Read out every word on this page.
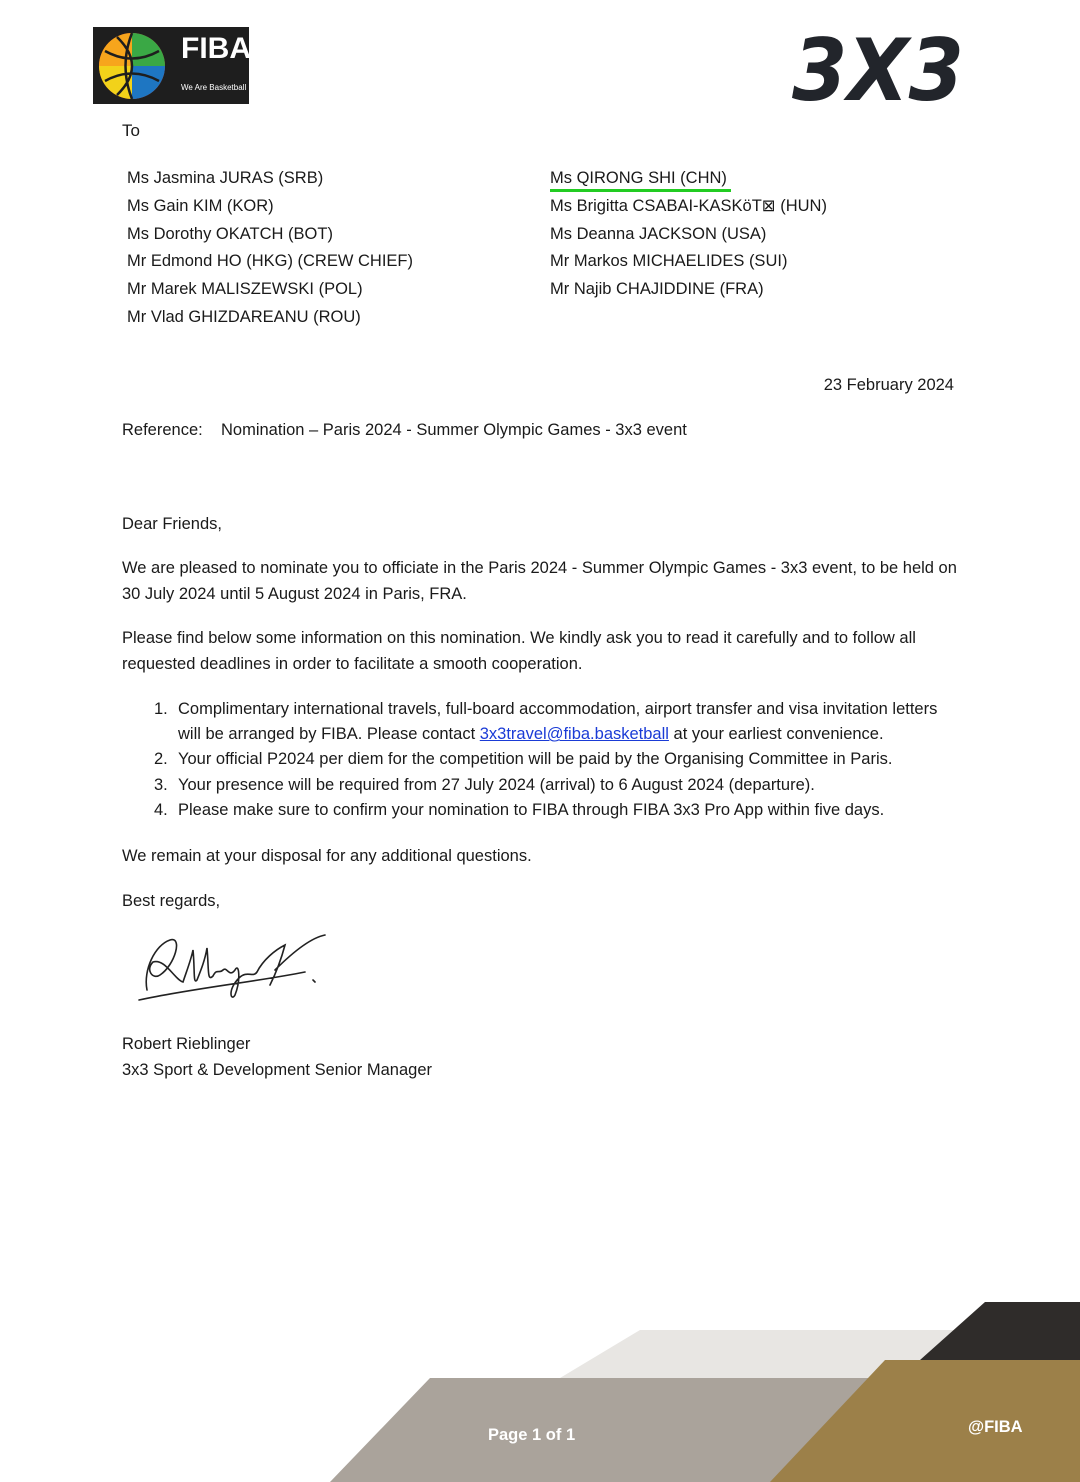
FIBA
We Are Basketball	3X3
To
Ms Jasmina JURAS (SRB)
Ms Gain KIM (KOR)
Ms Dorothy OKATCH (BOT)
Mr Edmond HO (HKG) (CREW CHIEF)
Mr Marek MALISZEWSKI (POL)
Mr Vlad GHIZDAREANU (ROU)
Ms QIRONG SHI (CHN)
Ms Brigitta CSABAI-KASKöT⊠ (HUN)
Ms Deanna JACKSON (USA)
Mr Markos MICHAELIDES (SUI)
Mr Najib CHAJIDDINE (FRA)
23 February 2024
Reference: Nomination – Paris 2024 - Summer Olympic Games - 3x3 event
Dear Friends,
We are pleased to nominate you to officiate in the Paris 2024 - Summer Olympic Games - 3x3 event, to be held on 30 July 2024 until 5 August 2024 in Paris, FRA.
Please find below some information on this nomination. We kindly ask you to read it carefully and to follow all requested deadlines in order to facilitate a smooth cooperation.
1. Complimentary international travels, full-board accommodation, airport transfer and visa invitation letters will be arranged by FIBA. Please contact 3x3travel@fiba.basketball at your earliest convenience.
2. Your official P2024 per diem for the competition will be paid by the Organising Committee in Paris.
3. Your presence will be required from 27 July 2024 (arrival) to 6 August 2024 (departure).
4. Please make sure to confirm your nomination to FIBA through FIBA 3x3 Pro App within five days.
We remain at your disposal for any additional questions.
Best regards,
Robert Rieblinger
3x3 Sport & Development Senior Manager
Page 1 of 1	@FIBA
